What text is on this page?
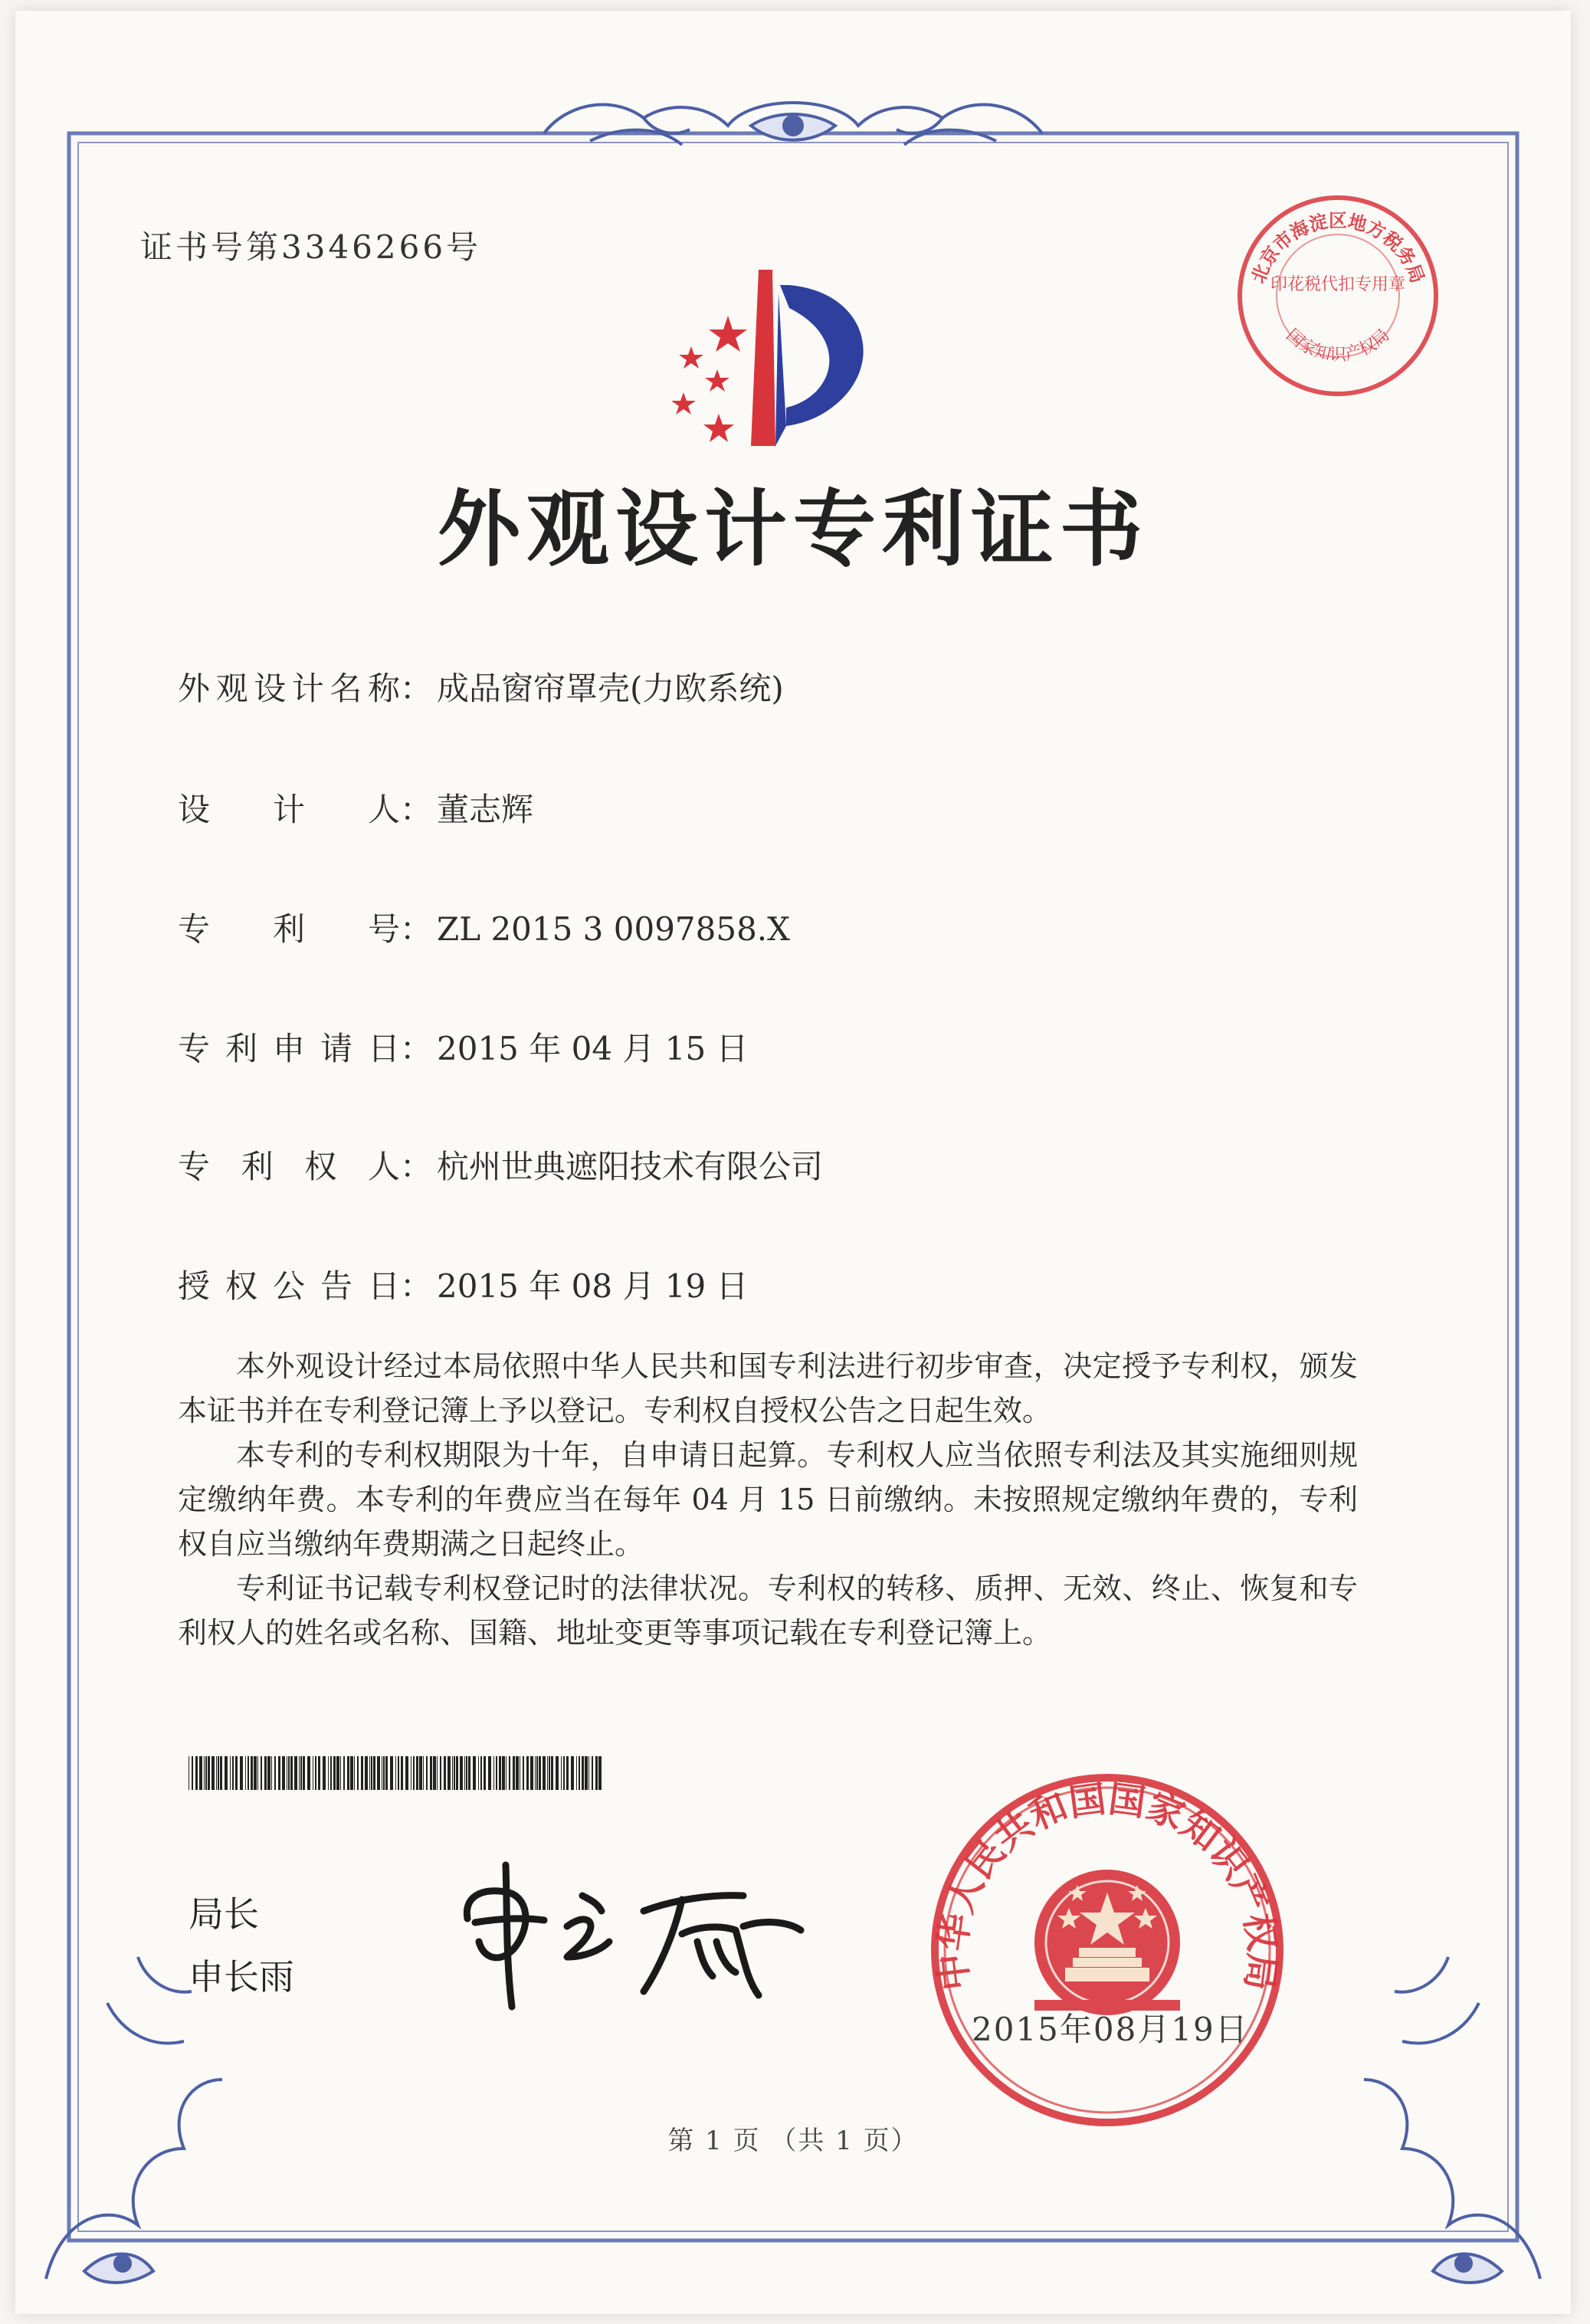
证书号第3346266号
北京市海淀区地方税务局
印花税代扣专用章
国家知识产权局
外观设计专利证书
外观设计名称： 成品窗帘罩壳(力欧系统)
设计人： 董志辉
专利号： ZL 2015 3 0097858.X
专利申请日： 2015 年 04 月 15 日
专利权人： 杭州世典遮阳技术有限公司
授权公告日： 2015 年 08 月 19 日

本外观设计经过本局依照中华人民共和国专利法进行初步审查，决定授予专利权，颁发本证书并在专利登记簿上予以登记。专利权自授权公告之日起生效。

本专利的专利权期限为十年，自申请日起算。专利权人应当依照专利法及其实施细则规定缴纳年费。本专利的年费应当在每年 04 月 15 日前缴纳。未按照规定缴纳年费的，专利权自应当缴纳年费期满之日起终止。

专利证书记载专利权登记时的法律状况。专利权的转移、质押、无效、终止、恢复和专利权人的姓名或名称、国籍、地址变更等事项记载在专利登记簿上。

局长
申长雨	中华人民共和国国家知识产权局
2015年08月19日
第 1 页 （共 1 页）
